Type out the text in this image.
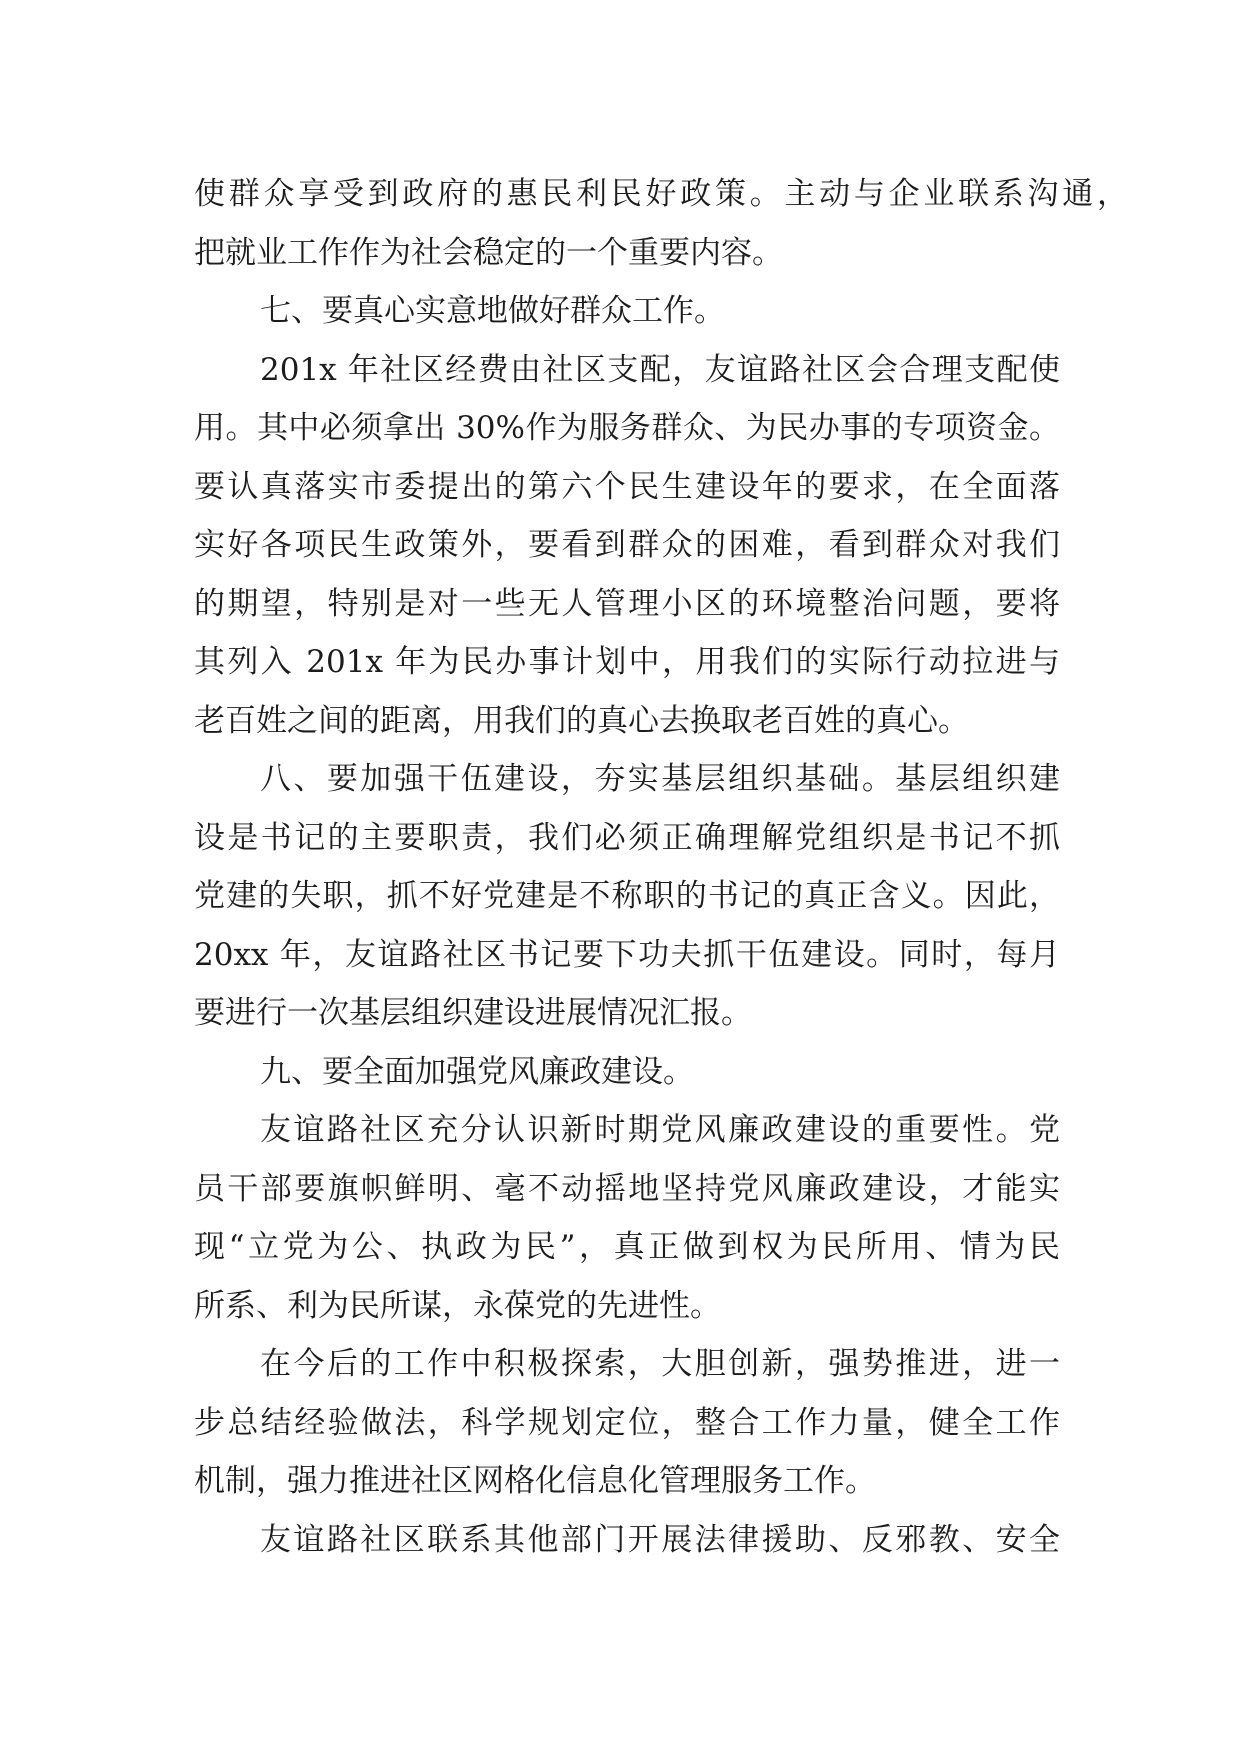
使群众享受到政府的惠民利民好政策。主动与企业联系沟通，
把就业工作作为社会稳定的一个重要内容。
七、要真心实意地做好群众工作。
201x 年社区经费由社区支配，友谊路社区会合理支配使
用。其中必须拿出 30%作为服务群众、为民办事的专项资金。
要认真落实市委提出的第六个民生建设年的要求，在全面落
实好各项民生政策外，要看到群众的困难，看到群众对我们
的期望，特别是对一些无人管理小区的环境整治问题，要将
其列入 201x 年为民办事计划中，用我们的实际行动拉进与
老百姓之间的距离，用我们的真心去换取老百姓的真心。
八、要加强干伍建设，夯实基层组织基础。基层组织建
设是书记的主要职责，我们必须正确理解党组织是书记不抓
党建的失职，抓不好党建是不称职的书记的真正含义。因此，
20xx 年，友谊路社区书记要下功夫抓干伍建设。同时，每月
要进行一次基层组织建设进展情况汇报。
九、要全面加强党风廉政建设。
友谊路社区充分认识新时期党风廉政建设的重要性。党
员干部要旗帜鲜明、毫不动摇地坚持党风廉政建设，才能实
现“立党为公、执政为民”，真正做到权为民所用、情为民
所系、利为民所谋，永葆党的先进性。
在今后的工作中积极探索，大胆创新，强势推进，进一
步总结经验做法，科学规划定位，整合工作力量，健全工作
机制，强力推进社区网格化信息化管理服务工作。
友谊路社区联系其他部门开展法律援助、反邪教、安全
